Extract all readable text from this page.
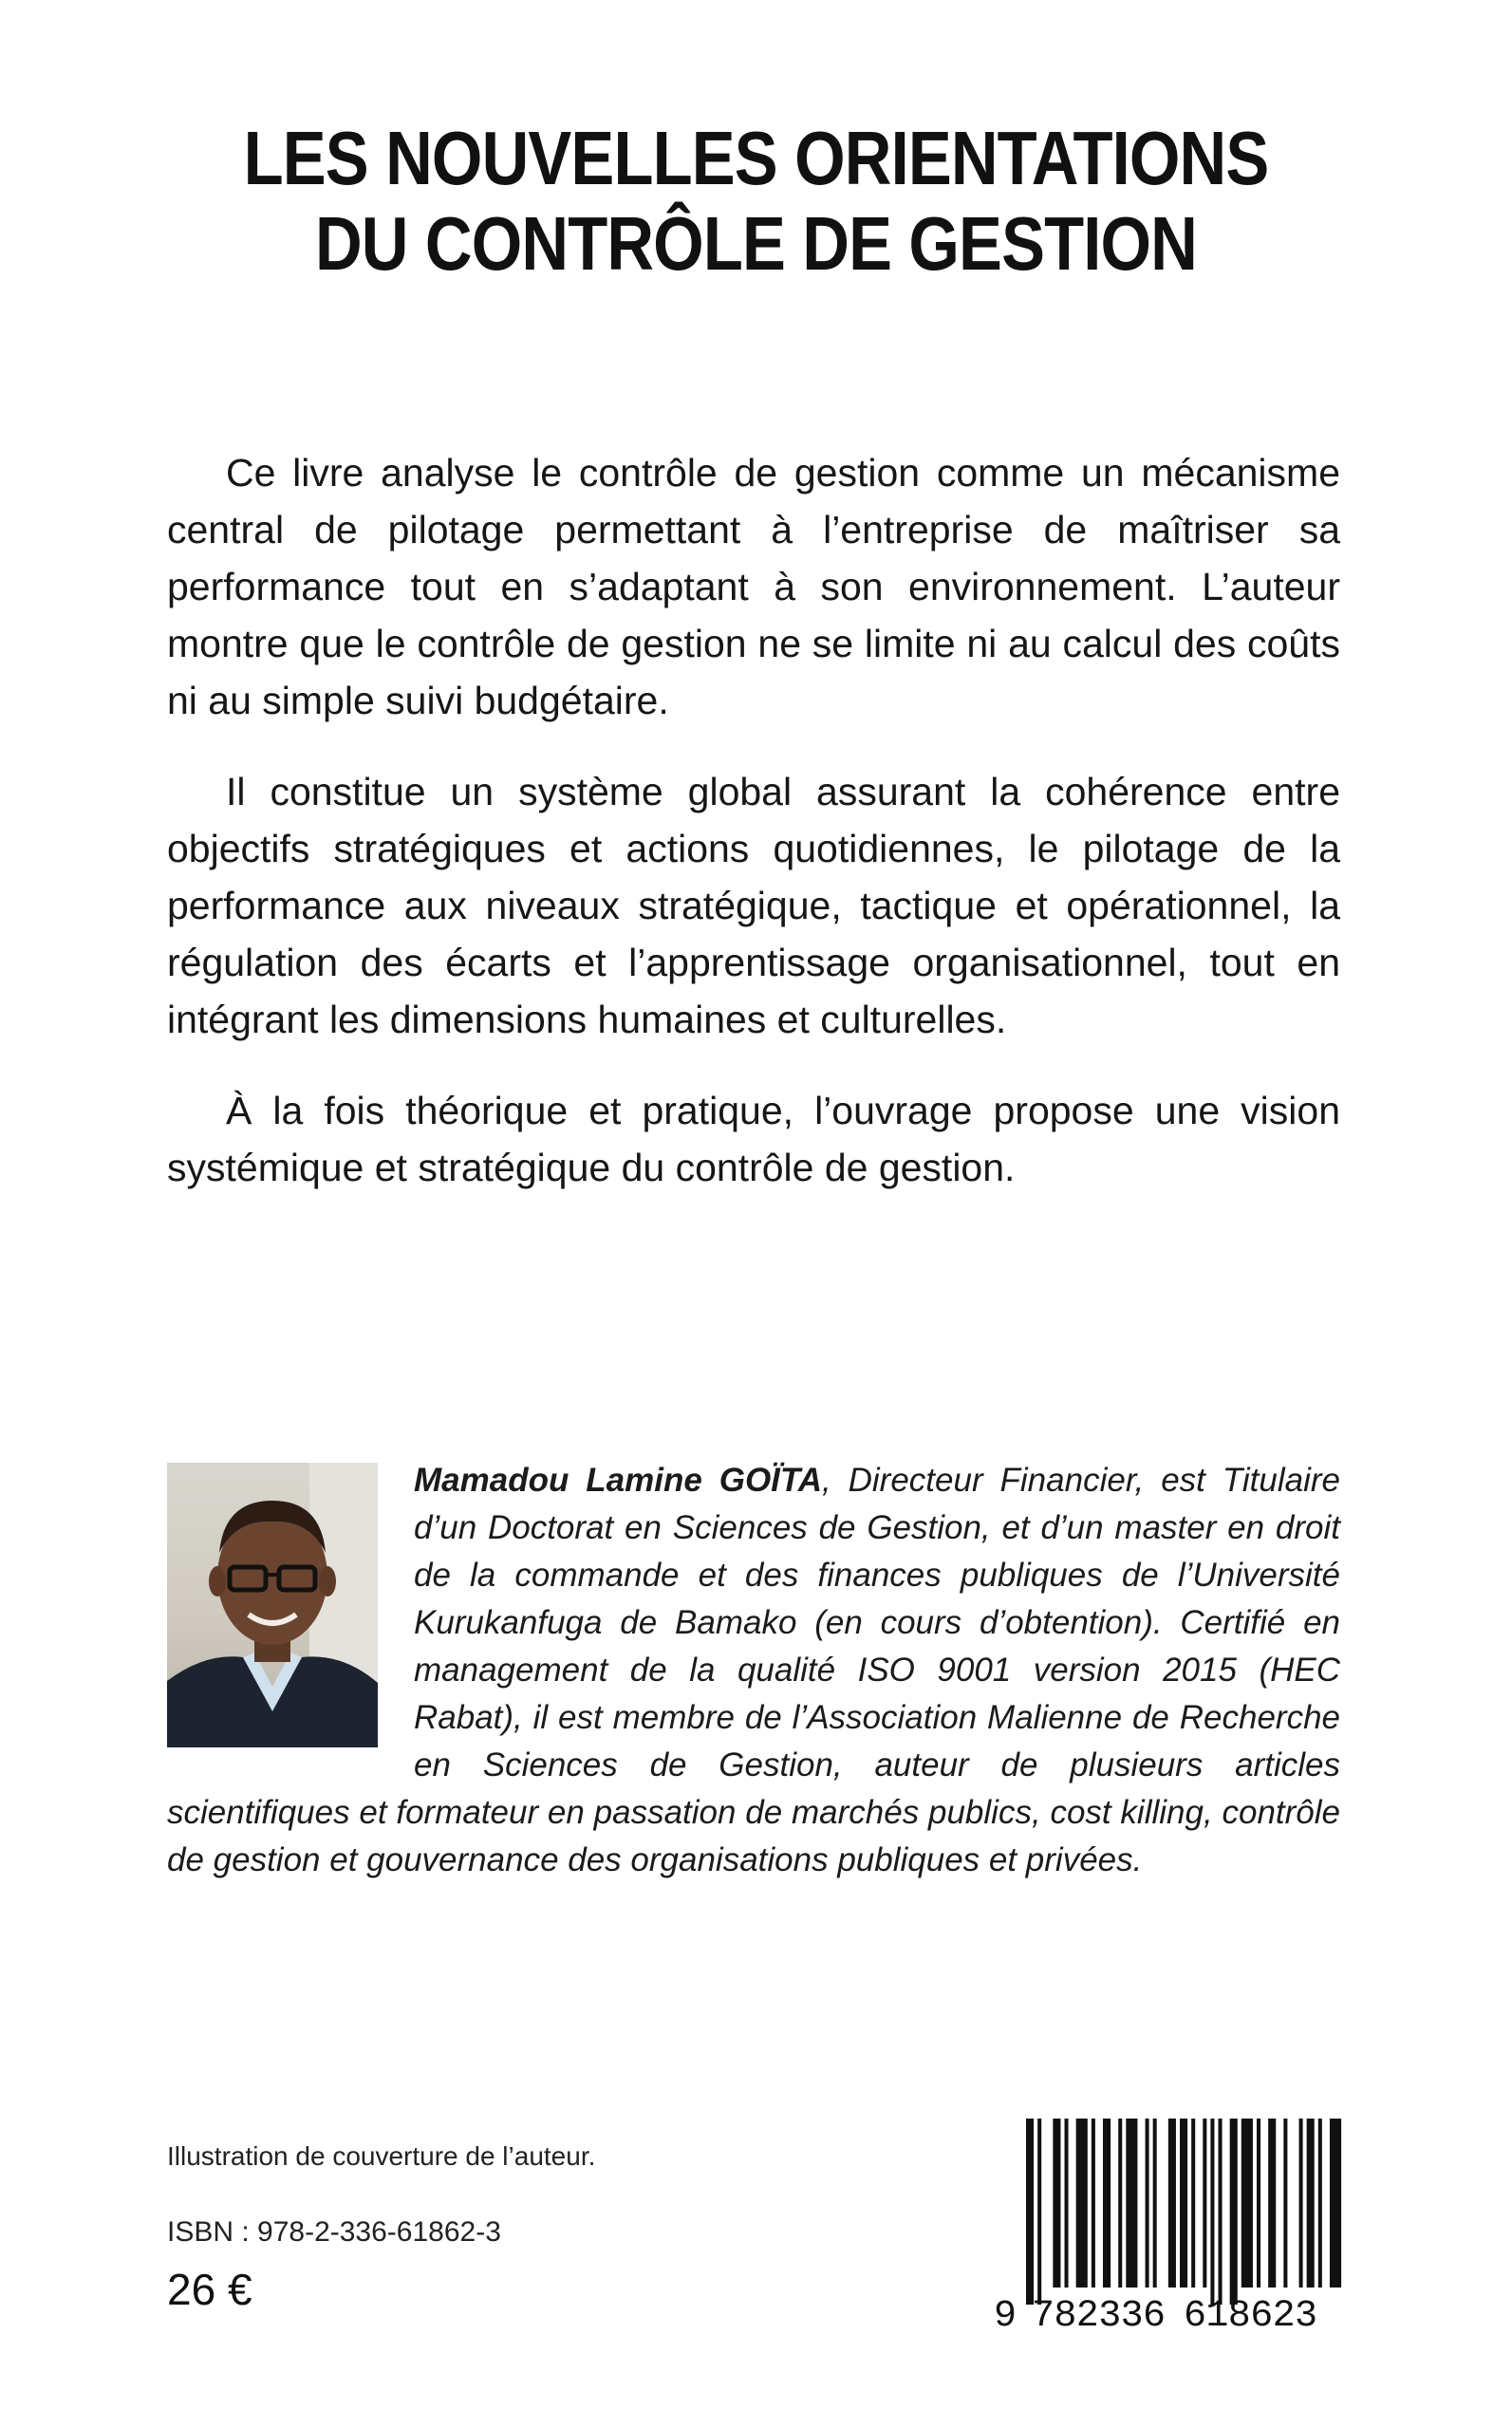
LES NOUVELLES ORIENTATIONS
DU CONTRÔLE DE GESTION

Ce livre analyse le contrôle de gestion comme un mécanisme central de pilotage permettant à l’entreprise de maîtriser sa performance tout en s’adaptant à son environnement. L’auteur montre que le contrôle de gestion ne se limite ni au calcul des coûts ni au simple suivi budgétaire.

Il constitue un système global assurant la cohérence entre objectifs stratégiques et actions quotidiennes, le pilotage de la performance aux niveaux stratégique, tactique et opérationnel, la régulation des écarts et l’apprentissage organisationnel, tout en intégrant les dimensions humaines et culturelles.

À la fois théorique et pratique, l’ouvrage propose une vision systémique et stratégique du contrôle de gestion.

Mamadou Lamine GOÏTA, Directeur Financier, est Titulaire d’un Doctorat en Sciences de Gestion, et d’un master en droit de la commande et des finances publiques de l’Université Kurukanfuga de Bamako (en cours d’obtention). Certifié en management de la qualité ISO 9001 version 2015 (HEC Rabat), il est membre de l’Association Malienne de Recherche en Sciences de Gestion, auteur de plusieurs articles scientifiques et formateur en passation de marchés publics, cost killing, contrôle de gestion et gouvernance des organisations publiques et privées.

Illustration de couverture de l’auteur.
ISBN : 978-2-336-61862-3
26 €
9 782336 618623
